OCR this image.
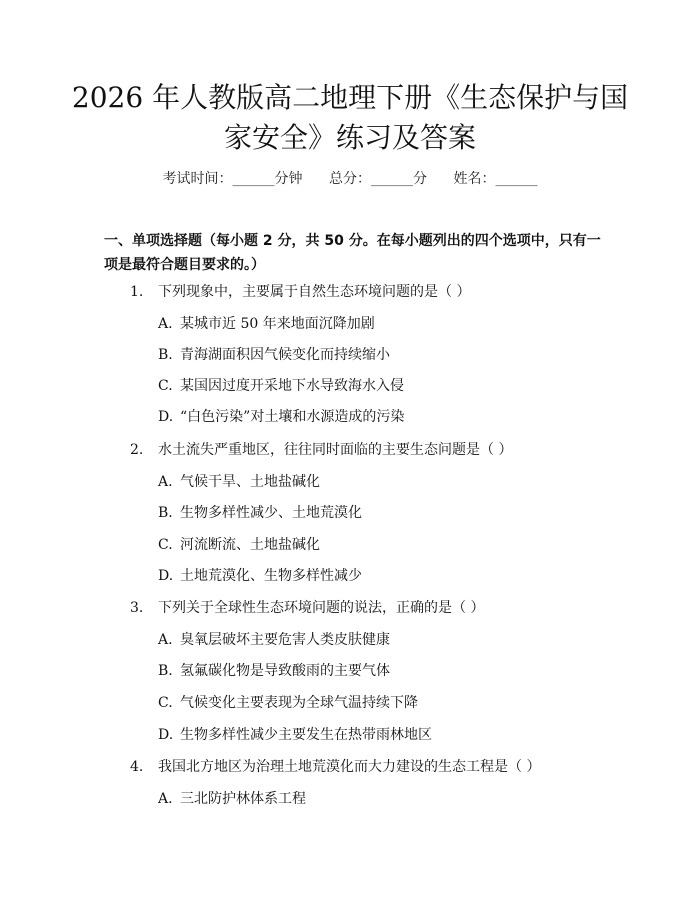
2026 年人教版高二地理下册《生态保护与国
家安全》练习及答案
考试时间：______分钟 总分：______分 姓名：______
一、单项选择题（每小题 2 分，共 50 分。在每小题列出的四个选项中，只有一项是最符合题目要求的。）
1. 下列现象中，主要属于自然生态环境问题的是（ ）
A. 某城市近 50 年来地面沉降加剧
B. 青海湖面积因气候变化而持续缩小
C. 某国因过度开采地下水导致海水入侵
D. “白色污染”对土壤和水源造成的污染
2. 水土流失严重地区，往往同时面临的主要生态问题是（ ）
A. 气候干旱、土地盐碱化
B. 生物多样性减少、土地荒漠化
C. 河流断流、土地盐碱化
D. 土地荒漠化、生物多样性减少
3. 下列关于全球性生态环境问题的说法，正确的是（ ）
A. 臭氧层破坏主要危害人类皮肤健康
B. 氢氟碳化物是导致酸雨的主要气体
C. 气候变化主要表现为全球气温持续下降
D. 生物多样性减少主要发生在热带雨林地区
4. 我国北方地区为治理土地荒漠化而大力建设的生态工程是（ ）
A. 三北防护林体系工程
